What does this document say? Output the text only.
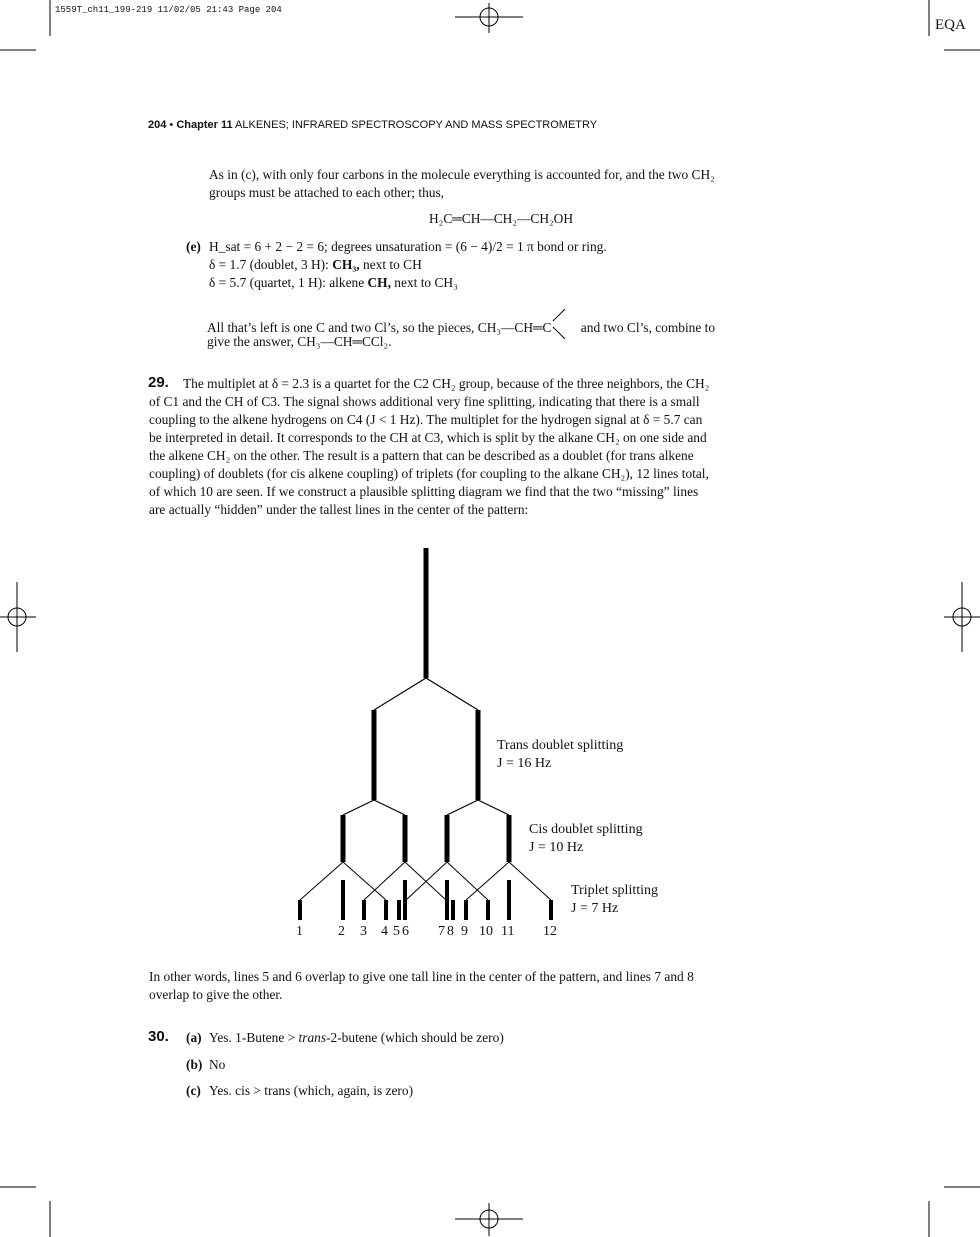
1559T_ch11_199-219 11/02/05 21:43 Page 204
EQA
204 • Chapter 11 ALKENES; INFRARED SPECTROSCOPY AND MASS SPECTROMETRY
As in (c), with only four carbons in the molecule everything is accounted for, and the two CH₂
groups must be attached to each other; thus,
H₂C═CH—CH₂—CH₂OH
(e) H_sat = 6 + 2 − 2 = 6; degrees unsaturation = (6 − 4)/2 = 1 π bond or ring.
δ = 1.7 (doublet, 3 H): CH₃, next to CH
δ = 5.7 (quartet, 1 H): alkene CH, next to CH₃
All that’s left is one C and two Cl’s, so the pieces, CH₃—CH═C and two Cl’s, combine to
give the answer, CH₃—CH═CCl₂.
29. The multiplet at δ = 2.3 is a quartet for the C2 CH₂ group, because of the three neighbors, the CH₂
of C1 and the CH of C3. The signal shows additional very fine splitting, indicating that there is a small
coupling to the alkene hydrogens on C4 (J < 1 Hz). The multiplet for the hydrogen signal at δ = 5.7 can
be interpreted in detail. It corresponds to the CH at C3, which is split by the alkane CH₂ on one side and
the alkene CH₂ on the other. The result is a pattern that can be described as a doublet (for trans alkene
coupling) of doublets (for cis alkene coupling) of triplets (for coupling to the alkane CH₂), 12 lines total,
of which 10 are seen. If we construct a plausible splitting diagram we find that the two “missing” lines
are actually “hidden” under the tallest lines in the center of the pattern:
Trans doublet splitting
J = 16 Hz
Cis doublet splitting
J = 10 Hz
Triplet splitting
J = 7 Hz
1	2 3 4 5 6 7 8 9 10 11 12
In other words, lines 5 and 6 overlap to give one tall line in the center of the pattern, and lines 7 and 8
overlap to give the other.
30. (a) Yes. 1-Butene > trans-2-butene (which should be zero)
(b) No
(c) Yes. cis > trans (which, again, is zero)
